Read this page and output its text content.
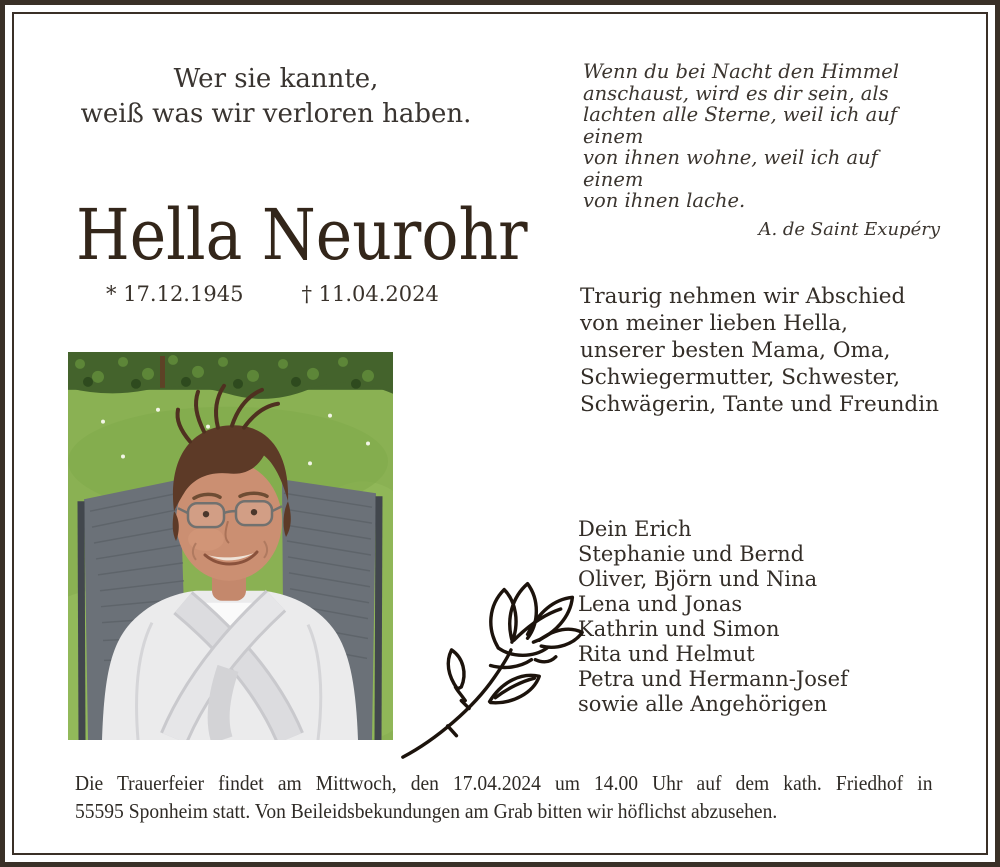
Wer sie kannte,
weiß was wir verloren haben.
Wenn du bei Nacht den Himmel
anschaust, wird es dir sein, als
lachten alle Sterne, weil ich auf einem
von ihnen wohne, weil ich auf einem
von ihnen lache.
A. de Saint Exupéry
Hella Neurohr
* 17.12.1945	† 11.04.2024	Traurig nehmen wir Abschied
von meiner lieben Hella,
unserer besten Mama, Oma,
Schwiegermutter, Schwester,
Schwägerin, Tante und Freundin
Dein Erich
Stephanie und Bernd
Oliver, Björn und Nina
Lena und Jonas
Kathrin und Simon
Rita und Helmut
Petra und Hermann-Josef
sowie alle Angehörigen
Die Trauerfeier findet am Mittwoch, den 17.04.2024 um 14.00 Uhr auf dem kath. Friedhof in
55595 Sponheim statt. Von Beileidsbekundungen am Grab bitten wir höflichst abzusehen.
